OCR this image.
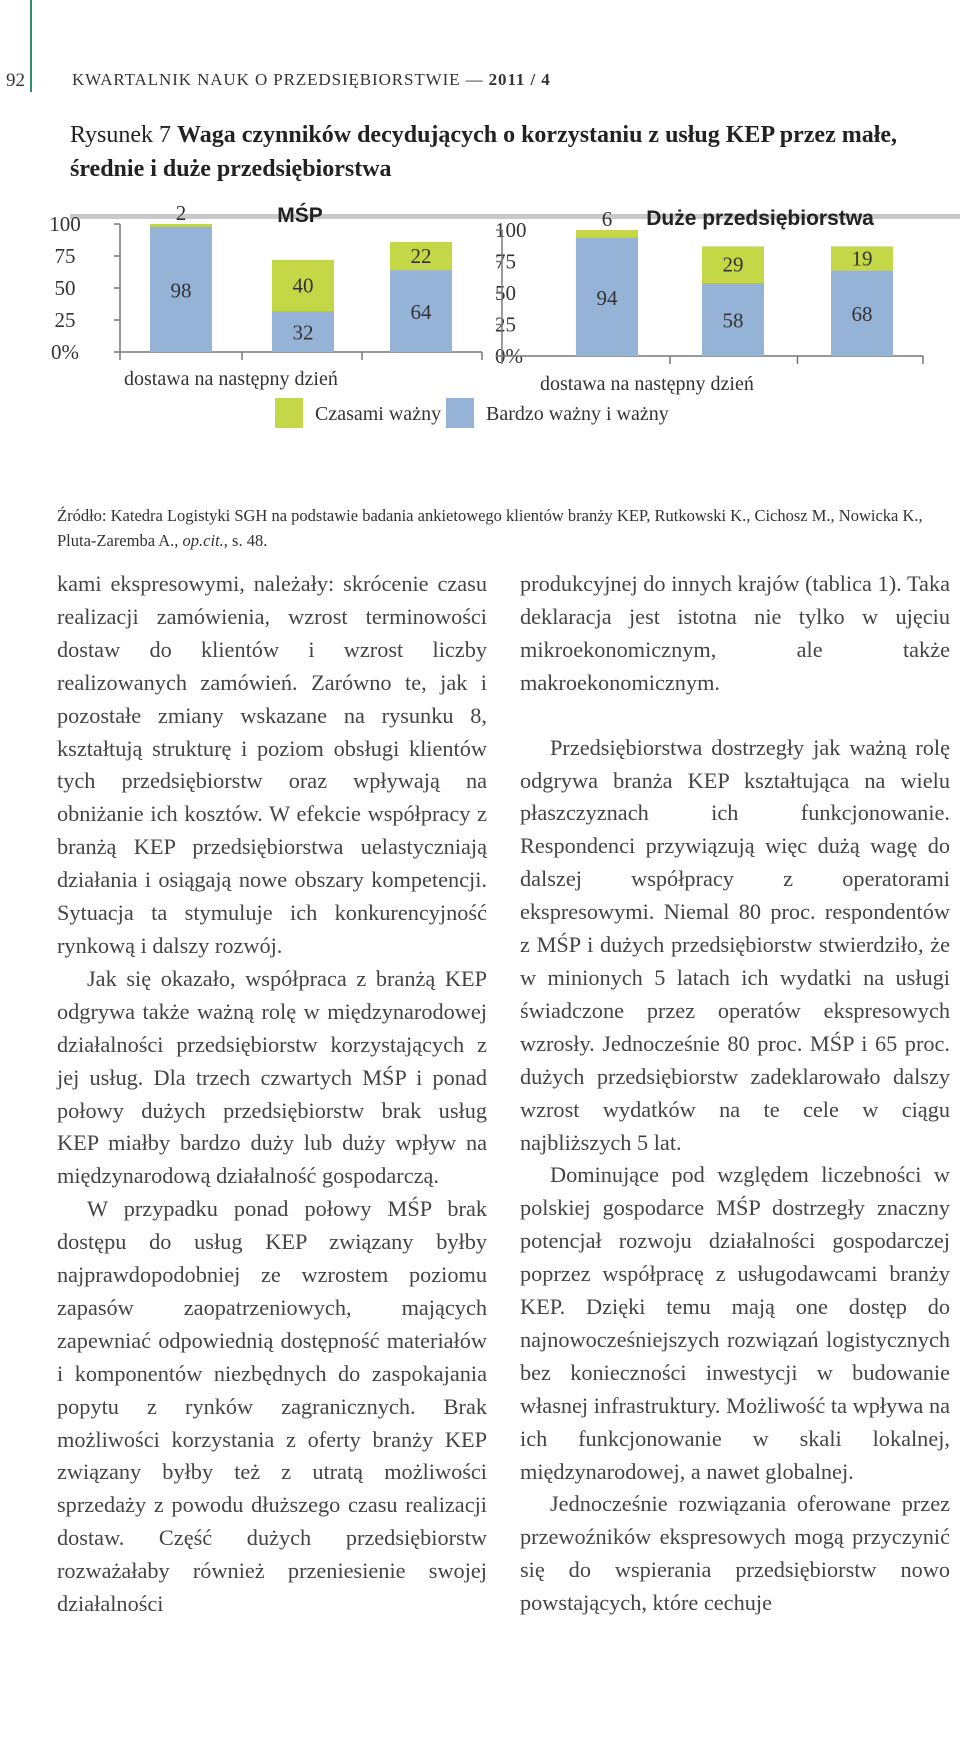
92	KWARTALNIK NAUK O PRZEDSIĘBIORSTWIE — 2011 / 4
Rysunek 7 Waga czynników decydujących o korzystaniu z usług KEP przez małe, średnie i duże przedsiębiorstwa
MŚP
100
75
50
25
0%
98
2
32
40
64
22
dostawa na następny dzień
Duże przedsiębiorstwa
100
75
50
25
0%
94
6
58
29
68
19
dostawa na następny dzień
Czasami ważny Bardzo ważny i ważny
Źródło: Katedra Logistyki SGH na podstawie badania ankietowego klientów branży KEP, Rutkowski K., Cichosz M., Nowicka K., Pluta-Zaremba A., op.cit., s. 48.

kami ekspresowymi, należały: skrócenie czasu realizacji zamówienia, wzrost terminowości dostaw do klientów i wzrost liczby realizowanych zamówień. Zarówno te, jak i pozostałe zmiany wskazane na rysunku 8, kształtują strukturę i poziom obsługi klientów tych przedsiębiorstw oraz wpływają na obniżanie ich kosztów. W efekcie współpracy z branżą KEP przedsiębiorstwa uelastyczniają działania i osiągają nowe obszary kompetencji. Sytuacja ta stymuluje ich konkurencyjność rynkową i dalszy rozwój.

Jak się okazało, współpraca z branżą KEP odgrywa także ważną rolę w międzynarodowej działalności przedsiębiorstw korzystających z jej usług. Dla trzech czwartych MŚP i ponad połowy dużych przedsiębiorstw brak usług KEP miałby bardzo duży lub duży wpływ na międzynarodową działalność gospodarczą.

W przypadku ponad połowy MŚP brak dostępu do usług KEP związany byłby najprawdopodobniej ze wzrostem poziomu zapasów zaopatrzeniowych, mających zapewniać odpowiednią dostępność materiałów i komponentów niezbędnych do zaspokajania popytu z rynków zagranicznych. Brak możliwości korzystania z oferty branży KEP związany byłby też z utratą możliwości sprzedaży z powodu dłuższego czasu realizacji dostaw. Część dużych przedsiębiorstw rozważałaby również przeniesienie swojej działalności

produkcyjnej do innych krajów (tablica 1). Taka deklaracja jest istotna nie tylko w ujęciu mikroekonomicznym, ale także makroekonomicznym.

Przedsiębiorstwa dostrzegły jak ważną rolę odgrywa branża KEP kształtująca na wielu płaszczyznach ich funkcjonowanie. Respondenci przywiązują więc dużą wagę do dalszej współpracy z operatorami ekspresowymi. Niemal 80 proc. respondentów z MŚP i dużych przedsiębiorstw stwierdziło, że w minionych 5 latach ich wydatki na usługi świadczone przez operatów ekspresowych wzrosły. Jednocześnie 80 proc. MŚP i 65 proc. dużych przedsiębiorstw zadeklarowało dalszy wzrost wydatków na te cele w ciągu najbliższych 5 lat.

Dominujące pod względem liczebności w polskiej gospodarce MŚP dostrzegły znaczny potencjał rozwoju działalności gospodarczej poprzez współpracę z usługodawcami branży KEP. Dzięki temu mają one dostęp do najnowocześniejszych rozwiązań logistycznych bez konieczności inwestycji w budowanie własnej infrastruktury. Możliwość ta wpływa na ich funkcjonowanie w skali lokalnej, międzynarodowej, a nawet globalnej.

Jednocześnie rozwiązania oferowane przez przewoźników ekspresowych mogą przyczynić się do wspierania przedsiębiorstw nowo powstających, które cechuje
